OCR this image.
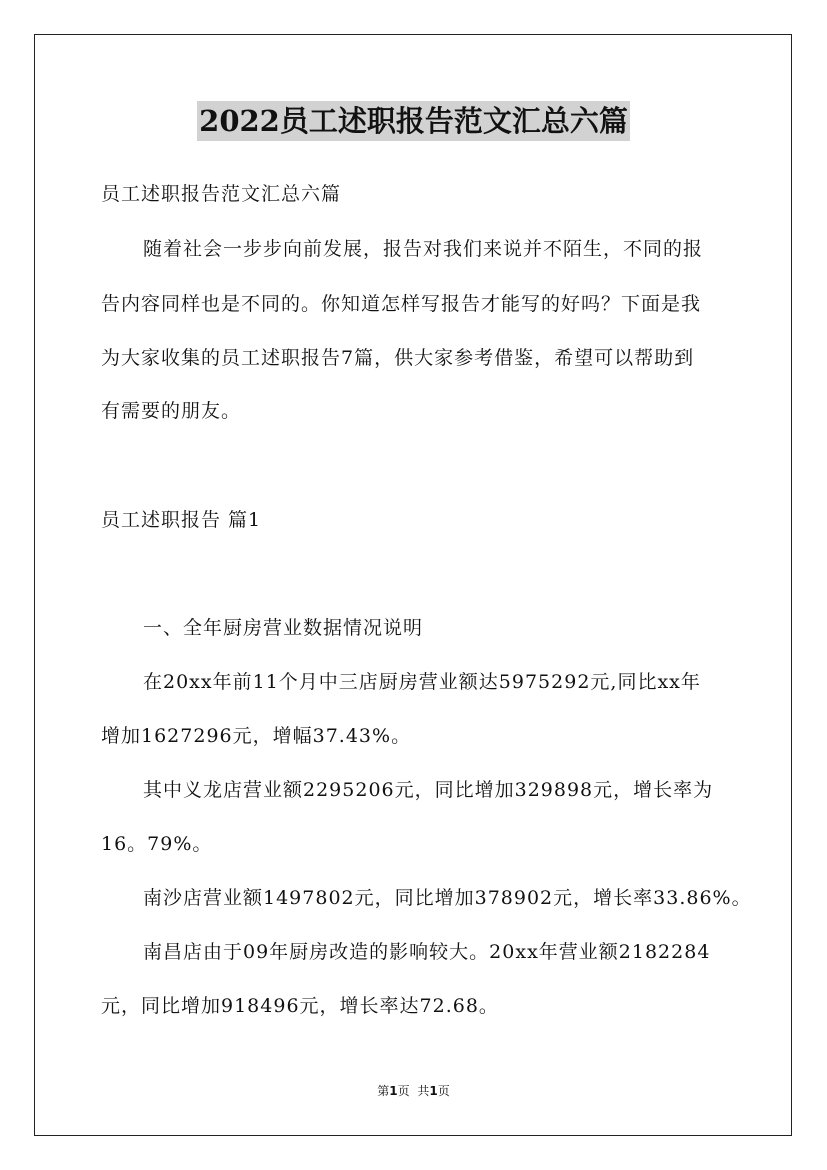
2022员工述职报告范文汇总六篇
员工述职报告范文汇总六篇
随着社会一步步向前发展，报告对我们来说并不陌生，不同的报
告内容同样也是不同的。你知道怎样写报告才能写的好吗？下面是我
为大家收集的员工述职报告7篇，供大家参考借鉴，希望可以帮助到
有需要的朋友。
员工述职报告 篇1
一、全年厨房营业数据情况说明
在20xx年前11个月中三店厨房营业额达5975292元,同比xx年
增加1627296元，增幅37.43%。
其中义龙店营业额2295206元，同比增加329898元，增长率为
16。79%。
南沙店营业额1497802元，同比增加378902元，增长率33.86%。
南昌店由于09年厨房改造的影响较大。20xx年营业额2182284
元，同比增加918496元，增长率达72.68。
第1页 共1页
